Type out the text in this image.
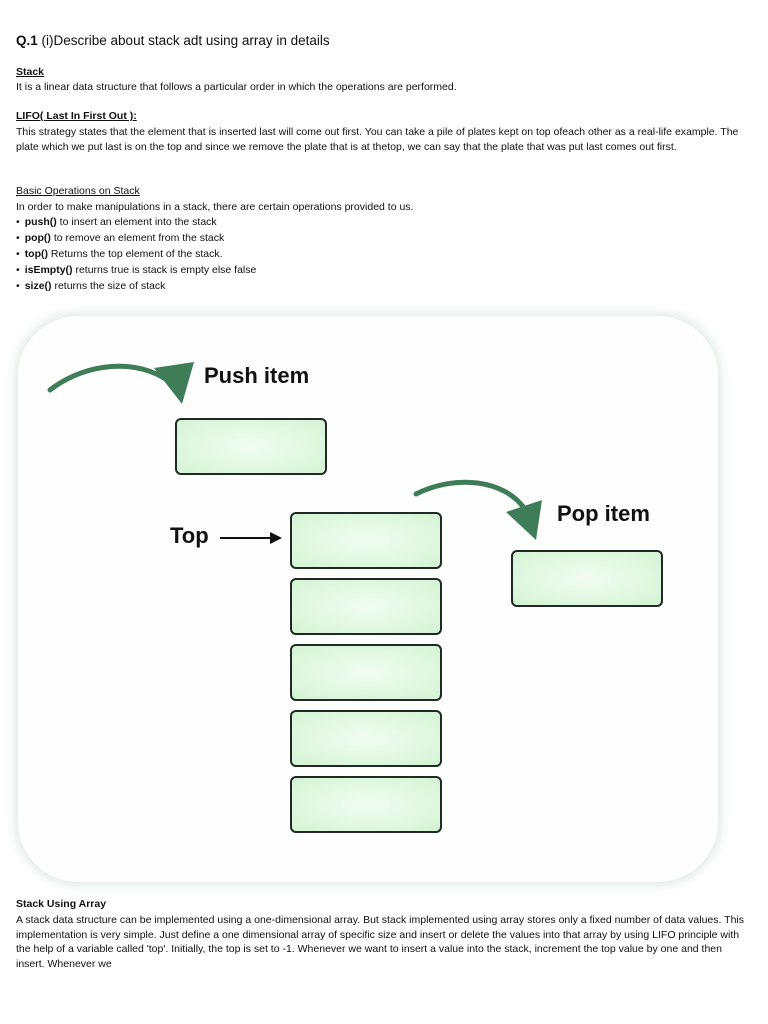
Q.1 (i)Describe about stack adt using array in details
Stack
It is a linear data structure that follows a particular order in which the operations are performed.
LIFO( Last In First Out ):
This strategy states that the element that is inserted last will come out first. You can take a pile of plates kept on top ofeach other as a real-life example. The plate which we put last is on the top and since we remove the plate that is at thetop, we can say that the plate that was put last comes out first.
Basic Operations on Stack
In order to make manipulations in a stack, there are certain operations provided to us.
• push() to insert an element into the stack
• pop() to remove an element from the stack
• top() Returns the top element of the stack.
• isEmpty() returns true is stack is empty else false
• size() returns the size of stack
Push item
Pop item
Top
Stack Using Array
A stack data structure can be implemented using a one-dimensional array. But stack implemented using array stores only a fixed number of data values. This implementation is very simple. Just define a one dimensional array of specific size and insert or delete the values into that array by using LIFO principle with the help of a variable called 'top'. Initially, the top is set to -1. Whenever we want to insert a value into the stack, increment the top value by one and then insert. Whenever we
